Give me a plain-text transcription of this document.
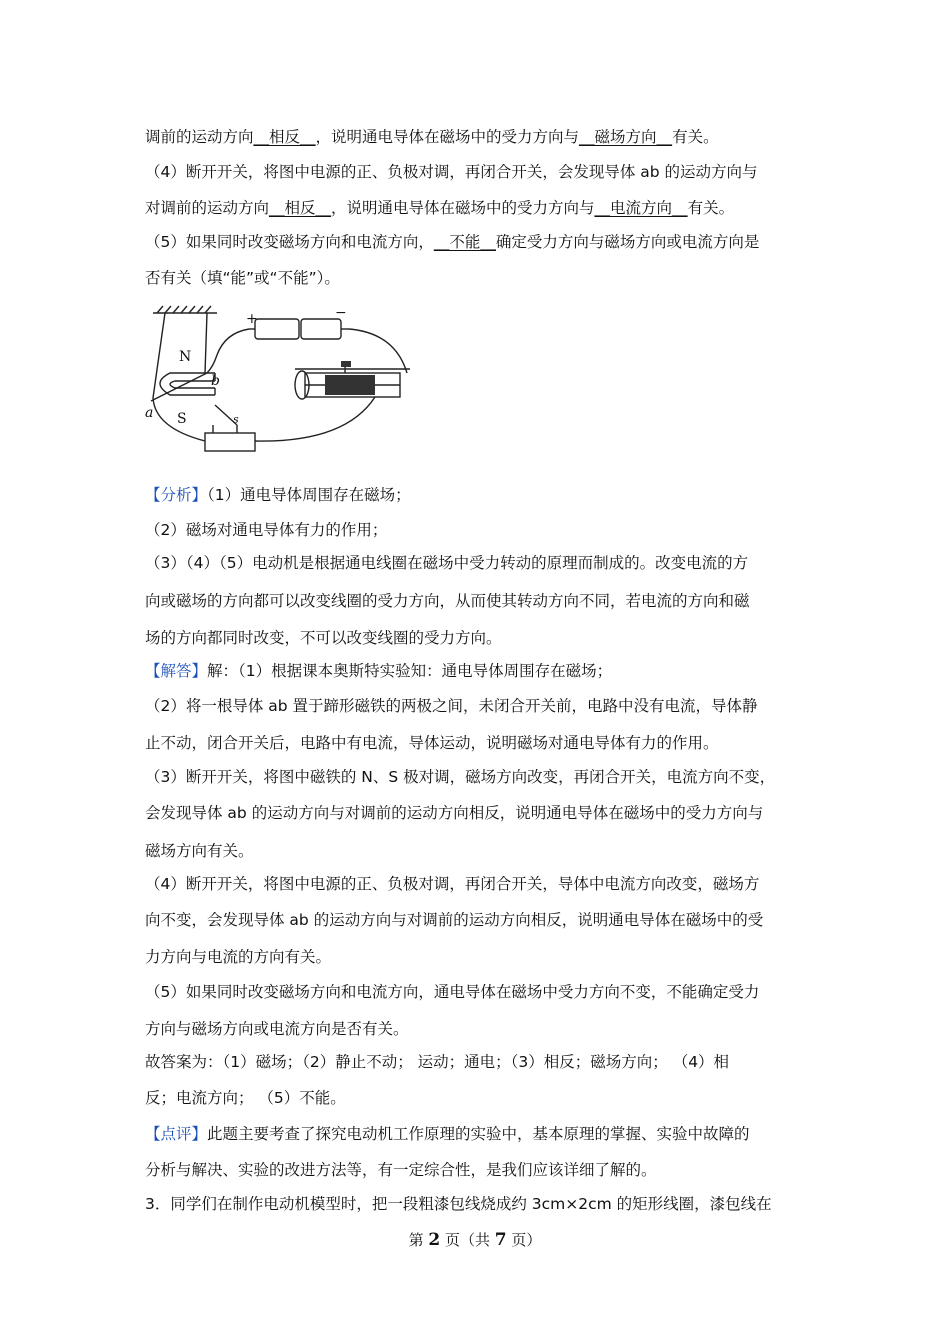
调前的运动方向__相反__，说明通电导体在磁场中的受力方向与__磁场方向__有关。
（4）断开开关，将图中电源的正、负极对调，再闭合开关，会发现导体 ab 的运动方向与
对调前的运动方向__相反__，说明通电导体在磁场中的受力方向与__电流方向__有关。
（5）如果同时改变磁场方向和电流方向，__不能__确定受力方向与磁场方向或电流方向是
否有关（填“能”或“不能”）。
N
S
a
b
s
+	−
【分析】（1）通电导体周围存在磁场；
（2）磁场对通电导体有力的作用；
（3）（4）（5）电动机是根据通电线圈在磁场中受力转动的原理而制成的。改变电流的方
向或磁场的方向都可以改变线圈的受力方向，从而使其转动方向不同，若电流的方向和磁
场的方向都同时改变，不可以改变线圈的受力方向。
【解答】解：（1）根据课本奥斯特实验知：通电导体周围存在磁场；
（2）将一根导体 ab 置于蹄形磁铁的两极之间，未闭合开关前，电路中没有电流，导体静
止不动，闭合开关后，电路中有电流，导体运动，说明磁场对通电导体有力的作用。
（3）断开开关，将图中磁铁的 N、S 极对调，磁场方向改变，再闭合开关，电流方向不变，
会发现导体 ab 的运动方向与对调前的运动方向相反，说明通电导体在磁场中的受力方向与
磁场方向有关。
（4）断开开关，将图中电源的正、负极对调，再闭合开关，导体中电流方向改变，磁场方
向不变，会发现导体 ab 的运动方向与对调前的运动方向相反，说明通电导体在磁场中的受
力方向与电流的方向有关。
（5）如果同时改变磁场方向和电流方向，通电导体在磁场中受力方向不变，不能确定受力
方向与磁场方向或电流方向是否有关。
故答案为：（1）磁场；（2）静止不动； 运动；通电；（3）相反；磁场方向； （4）相
反；电流方向； （5）不能。
【点评】此题主要考查了探究电动机工作原理的实验中，基本原理的掌握、实验中故障的
分析与解决、实验的改进方法等，有一定综合性，是我们应该详细了解的。
3．同学们在制作电动机模型时，把一段粗漆包线烧成约 3cm×2cm 的矩形线圈，漆包线在
第 2 页（共 7 页）
